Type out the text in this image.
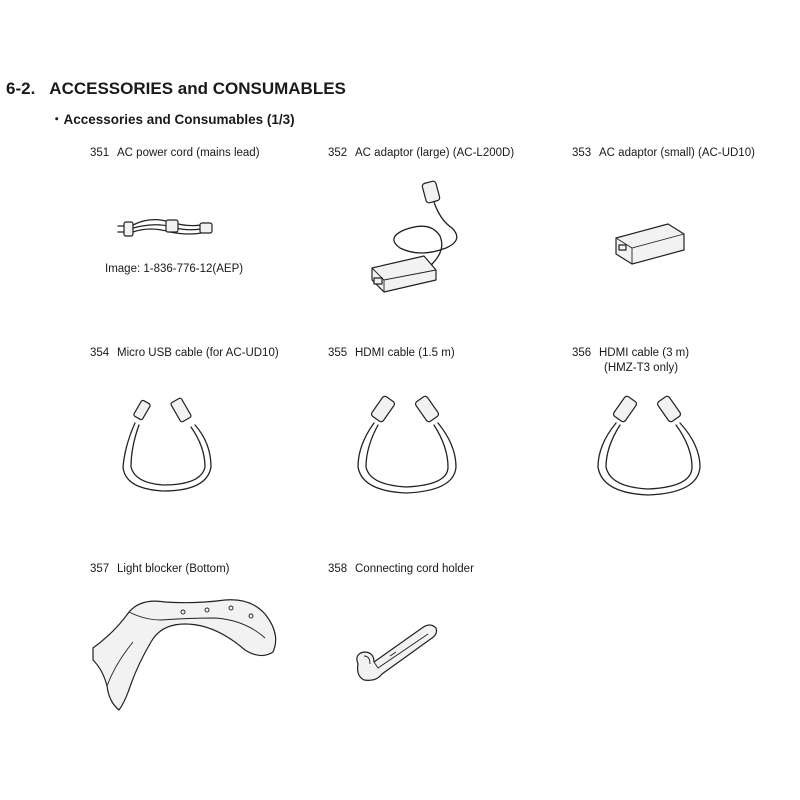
6-2. ACCESSORIES and CONSUMABLES
・Accessories and Consumables (1/3)
351 AC power cord (mains lead)
Image: 1-836-776-12(AEP)
352 AC adaptor (large) (AC-L200D)	353 AC adaptor (small) (AC-UD10)
354 Micro USB cable (for AC-UD10)	355 HDMI cable (1.5 m)	356 HDMI cable (3 m)
(HMZ-T3 only)
357 Light blocker (Bottom)	358 Connecting cord holder
